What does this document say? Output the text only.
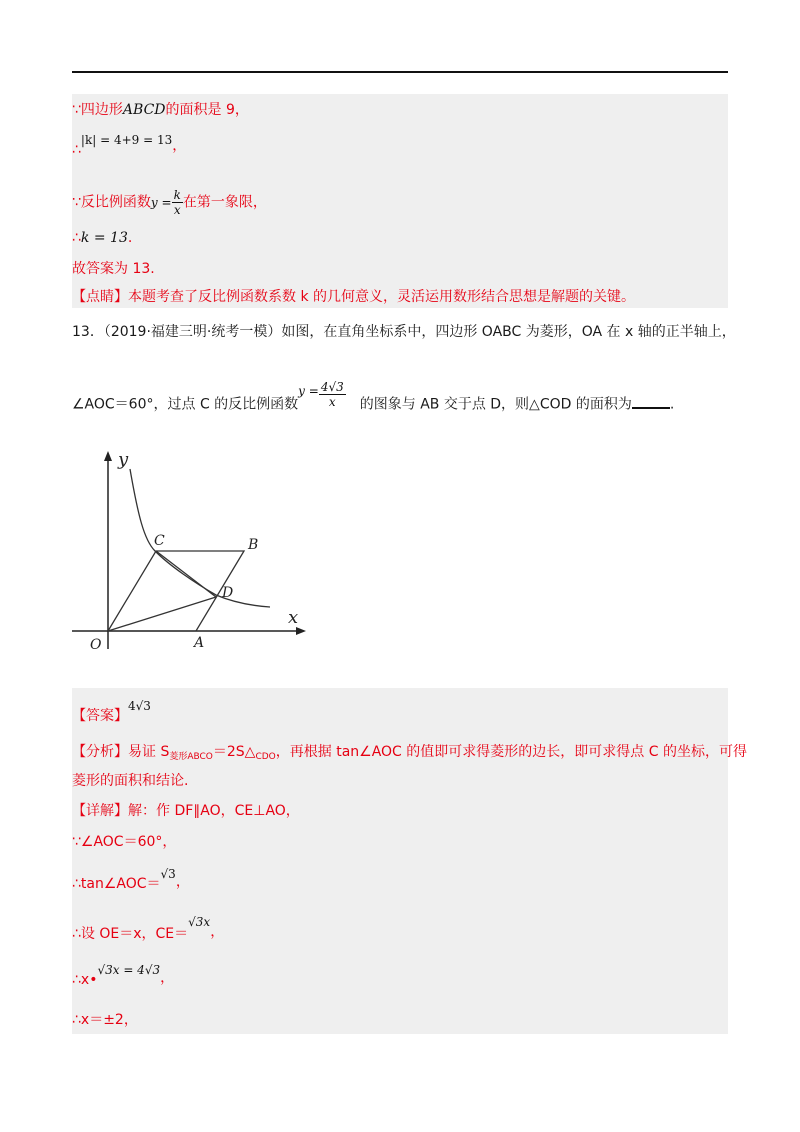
∵四边形ABCD的面积是 9，
∴|k| = 4+9 = 13，
∵反比例函数$y = \frac{k}{x}$ 在第一象限，
∴k = 13.
故答案为 13.
【点睛】本题考查了反比例函数系数 k 的几何意义，灵活运用数形结合思想是解题的关键。
13．（2019·福建三明·统考一模）如图，在直角坐标系中，四边形 OABC 为菱形，OA 在 x 轴的正半轴上，
∠AOC＝60°，过点 C 的反比例函数$y = \frac{4√3}{x}$ 的图象与 AB 交于点 D，则△COD 的面积为	.
y
x
O	A
B
C
D
【答案】4√3
【分析】易证 $S_{菱形ABCO}=2S\triangle_{CDO}$，再根据 tan∠AOC 的值即可求得菱形的边长，即可求得点 C 的坐标，可得
菱形的面积和结论.
【详解】解：作 DF∥AO，CE⊥AO，
∵∠AOC＝60°，
∴tan∠AOC＝√3，
∴设 OE＝x，CE＝√3x，
∴x•√3x = 4√3，
∴x＝±2，
